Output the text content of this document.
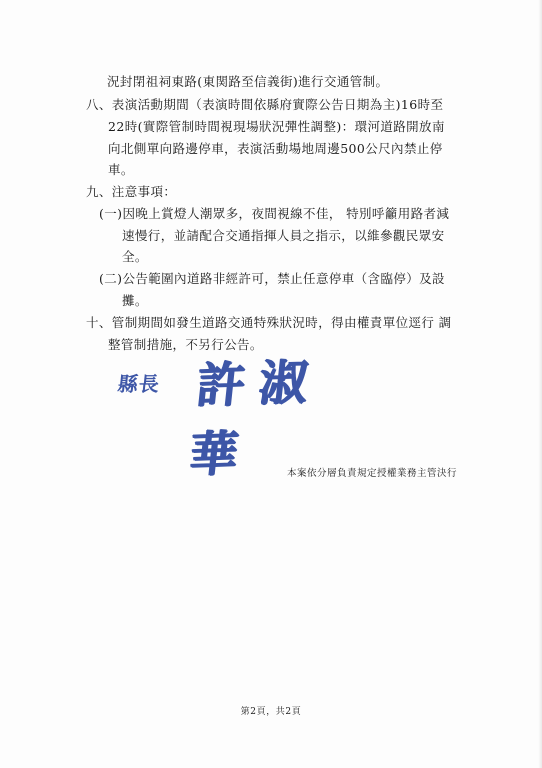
況封閉祖祠東路(東関路至信義街)進行交通管制。
八、表演活動期間（表演時間依縣府實際公告日期為主)16時至
22時(實際管制時間視現場狀況彈性調整)：環河道路開放南
向北側單向路邊停車，表演活動場地周邊500公尺內禁止停
車。
九、注意事項：
(一)因晚上賞燈人潮眾多，夜間視線不佳， 特別呼籲用路者減
速慢行，並請配合交通指揮人員之指示，以維參觀民眾安
全。
(二)公告範圍內道路非經許可，禁止任意停車（含臨停）及設
攤。
十、管制期間如發生道路交通特殊狀況時，得由權責單位逕行 調
整管制措施，不另行公告。
縣長 許淑華	本案依分層負責規定授權業務主管決行
第2頁，共2頁
